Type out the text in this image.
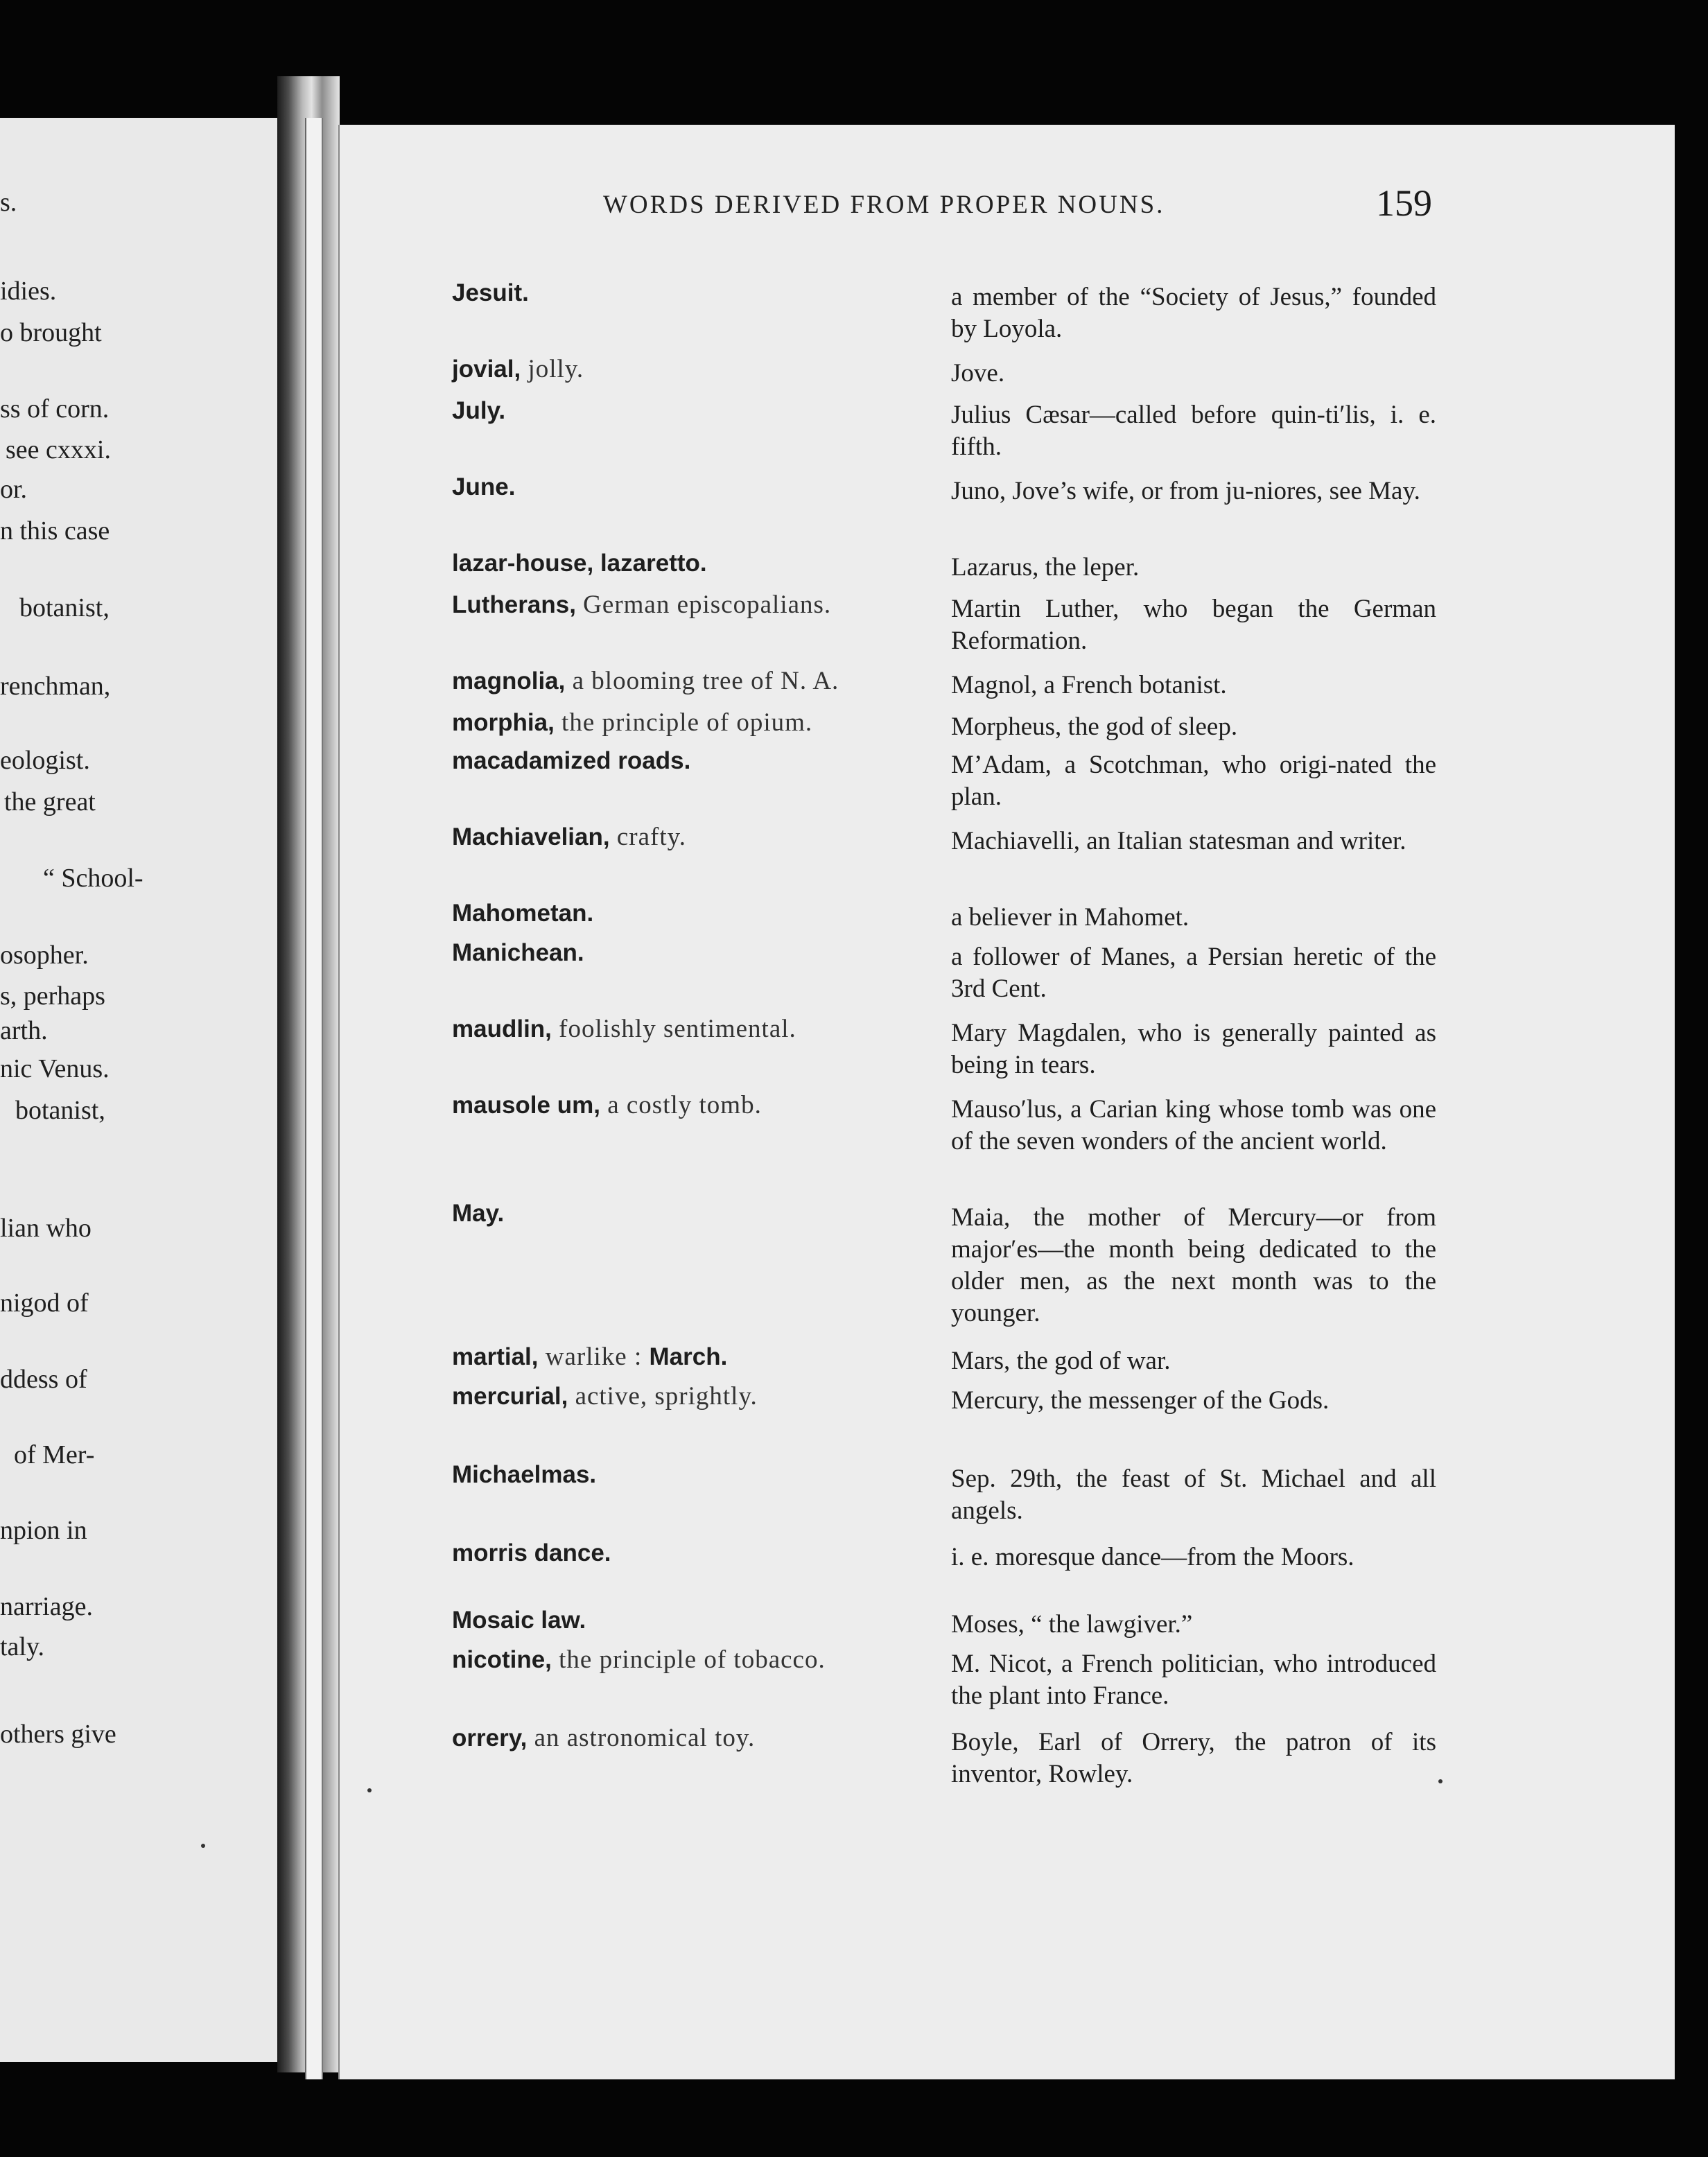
s.
idies.
o brought
ss of corn.
see cxxxi.
or.
n this case
botanist,
renchman,
eologist.
the great
“ School-
osopher.
s, perhaps
arth.
nic Venus.
botanist,
lian who
nigod of
ddess of
of Mer-
npion in
narriage.
taly.
others give
WORDS DERIVED FROM PROPER NOUNS.	159
Jesuit.	a member of the “Society of Jesus,” founded by Loyola.
jovial, jolly.	Jove.
July.	Julius Cæsar—called before quin-ti′lis, i. e. fifth.
June.	Juno, Jove’s wife, or from ju-niores, see May.
lazar-house, lazaretto.	Lazarus, the leper.
Lutherans, German episcopalians.	Martin Luther, who began the German Reformation.
magnolia, a blooming tree of N. A.	Magnol, a French botanist.
morphia, the principle of opium.	Morpheus, the god of sleep.
macadamized roads.	M’Adam, a Scotchman, who origi-nated the plan.
Machiavelian, crafty.	Machiavelli, an Italian statesman and writer.
Mahometan.	a believer in Mahomet.
Manichean.	a follower of Manes, a Persian heretic of the 3rd Cent.
maudlin, foolishly sentimental.	Mary Magdalen, who is generally painted as being in tears.
mausole um, a costly tomb.	Mauso′lus, a Carian king whose tomb was one of the seven wonders of the ancient world.
May.	Maia, the mother of Mercury—or from major′es—the month being dedicated to the older men, as the next month was to the younger.
martial, warlike : March.	Mars, the god of war.
mercurial, active, sprightly.	Mercury, the messenger of the Gods.
Michaelmas.	Sep. 29th, the feast of St. Michael and all angels.
morris dance.	i. e. moresque dance—from the Moors.
Mosaic law.	Moses, “ the lawgiver.”
nicotine, the principle of tobacco.	M. Nicot, a French politician, who introduced the plant into France.
orrery, an astronomical toy.	Boyle, Earl of Orrery, the patron of its inventor, Rowley.
